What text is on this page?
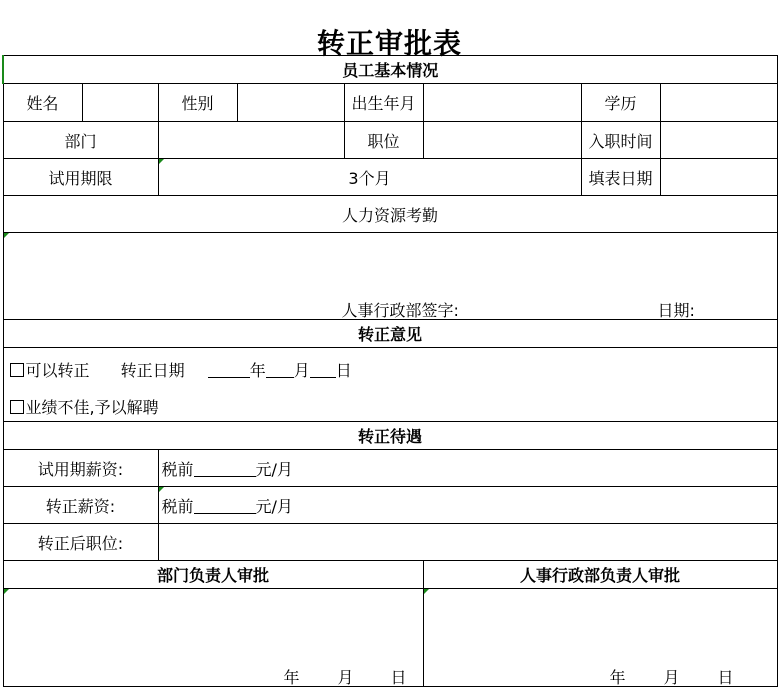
转正审批表
员工基本情况							
姓名		性别		出生年月		学历	
部门				职位		入职时间	
试用期限		3个月				填表日期	
人力资源考勤							

人事行政部签字: 日期:							

转正意见							

可以转正 转正日期 年 月 日
业绩不佳,予以解聘							

转正待遇							
试用期薪资:		税前 元/月					
转正薪资:		税前 元/月					
转正后职位:							
部门负责人审批					人事行政部负责人审批		

年 月 日					年 月 日		
